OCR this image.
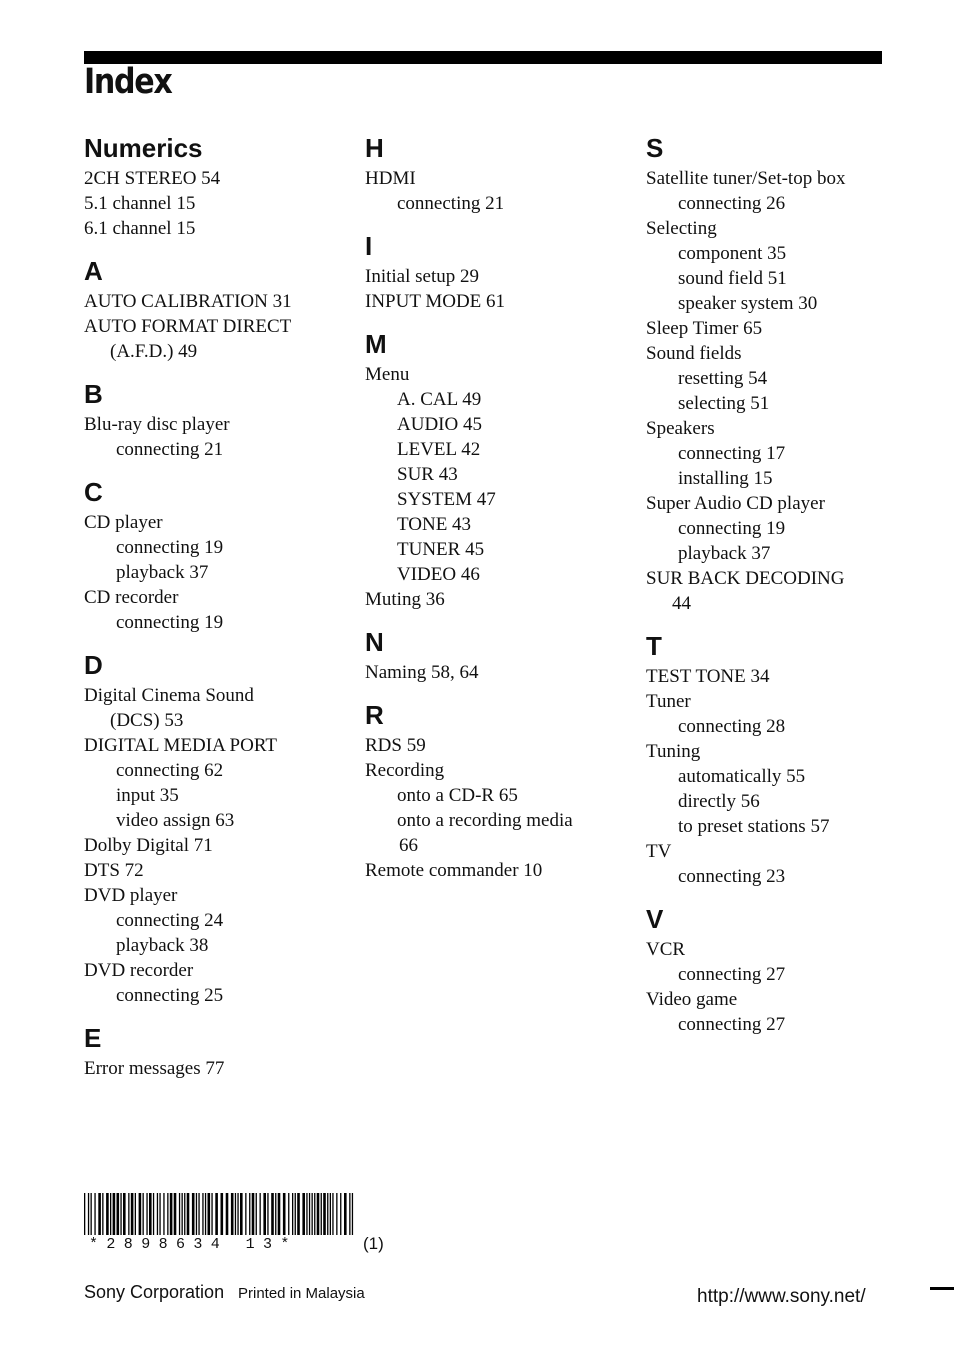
Index
Numerics
2CH STEREO 54
5.1 channel 15
6.1 channel 15
A
AUTO CALIBRATION 31
AUTO FORMAT DIRECT
(A.F.D.) 49
B
Blu-ray disc player
connecting 21
C
CD player
connecting 19
playback 37
CD recorder
connecting 19
D
Digital Cinema Sound
(DCS) 53
DIGITAL MEDIA PORT
connecting 62
input 35
video assign 63
Dolby Digital 71
DTS 72
DVD player
connecting 24
playback 38
DVD recorder
connecting 25
E
Error messages 77
H
HDMI
connecting 21
I
Initial setup 29
INPUT MODE 61
M
Menu
A. CAL 49
AUDIO 45
LEVEL 42
SUR 43
SYSTEM 47
TONE 43
TUNER 45
VIDEO 46
Muting 36
N
Naming 58, 64
R
RDS 59
Recording
onto a CD-R 65
onto a recording media
66
Remote commander 10
S
Satellite tuner/Set-top box
connecting 26
Selecting
component 35
sound field 51
speaker system 30
Sleep Timer 65
Sound fields
resetting 54
selecting 51
Speakers
connecting 17
installing 15
Super Audio CD player
connecting 19
playback 37
SUR BACK DECODING
44
T
TEST TONE 34
Tuner
connecting 28
Tuning
automatically 55
directly 56
to preset stations 57
TV
connecting 23
V
VCR
connecting 27
Video game
connecting 27
*2898634 13*	(1)
Sony Corporation Printed in Malaysia	http://www.sony.net/
